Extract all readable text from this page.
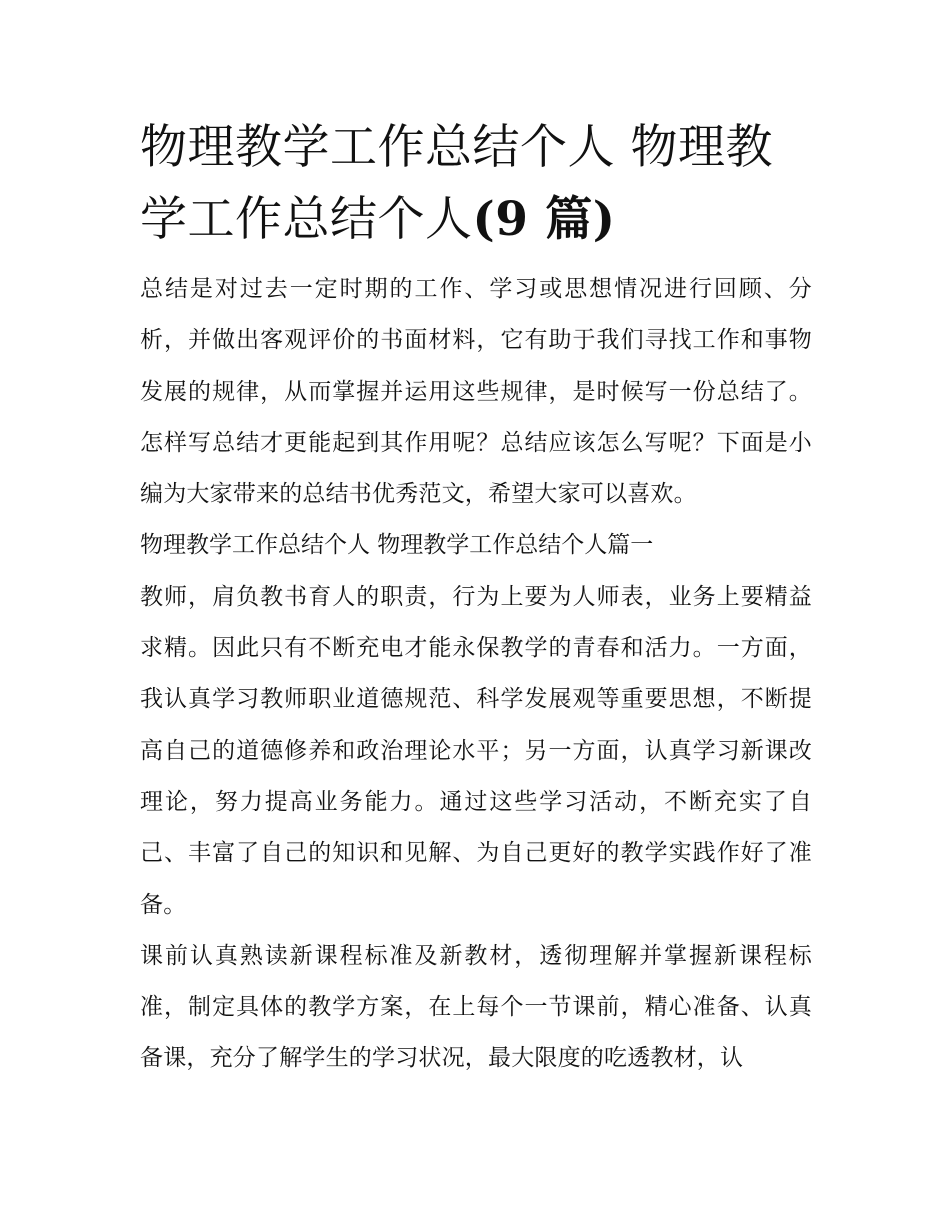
物理教学工作总结个人 物理教学工作总结个人(9 篇)

总结是对过去一定时期的工作、学习或思想情况进行回顾、分析，并做出客观评价的书面材料，它有助于我们寻找工作和事物发展的规律，从而掌握并运用这些规律，是时候写一份总结了。怎样写总结才更能起到其作用呢？总结应该怎么写呢？下面是小编为大家带来的总结书优秀范文，希望大家可以喜欢。

物理教学工作总结个人 物理教学工作总结个人篇一

教师，肩负教书育人的职责，行为上要为人师表，业务上要精益求精。因此只有不断充电才能永保教学的青春和活力。一方面，我认真学习教师职业道德规范、科学发展观等重要思想，不断提高自己的道德修养和政治理论水平；另一方面，认真学习新课改理论，努力提高业务能力。通过这些学习活动，不断充实了自己、丰富了自己的知识和见解、为自己更好的教学实践作好了准备。

课前认真熟读新课程标准及新教材，透彻理解并掌握新课程标准，制定具体的教学方案，在上每个一节课前，精心准备、认真备课，充分了解学生的学习状况，最大限度的吃透教材，认
